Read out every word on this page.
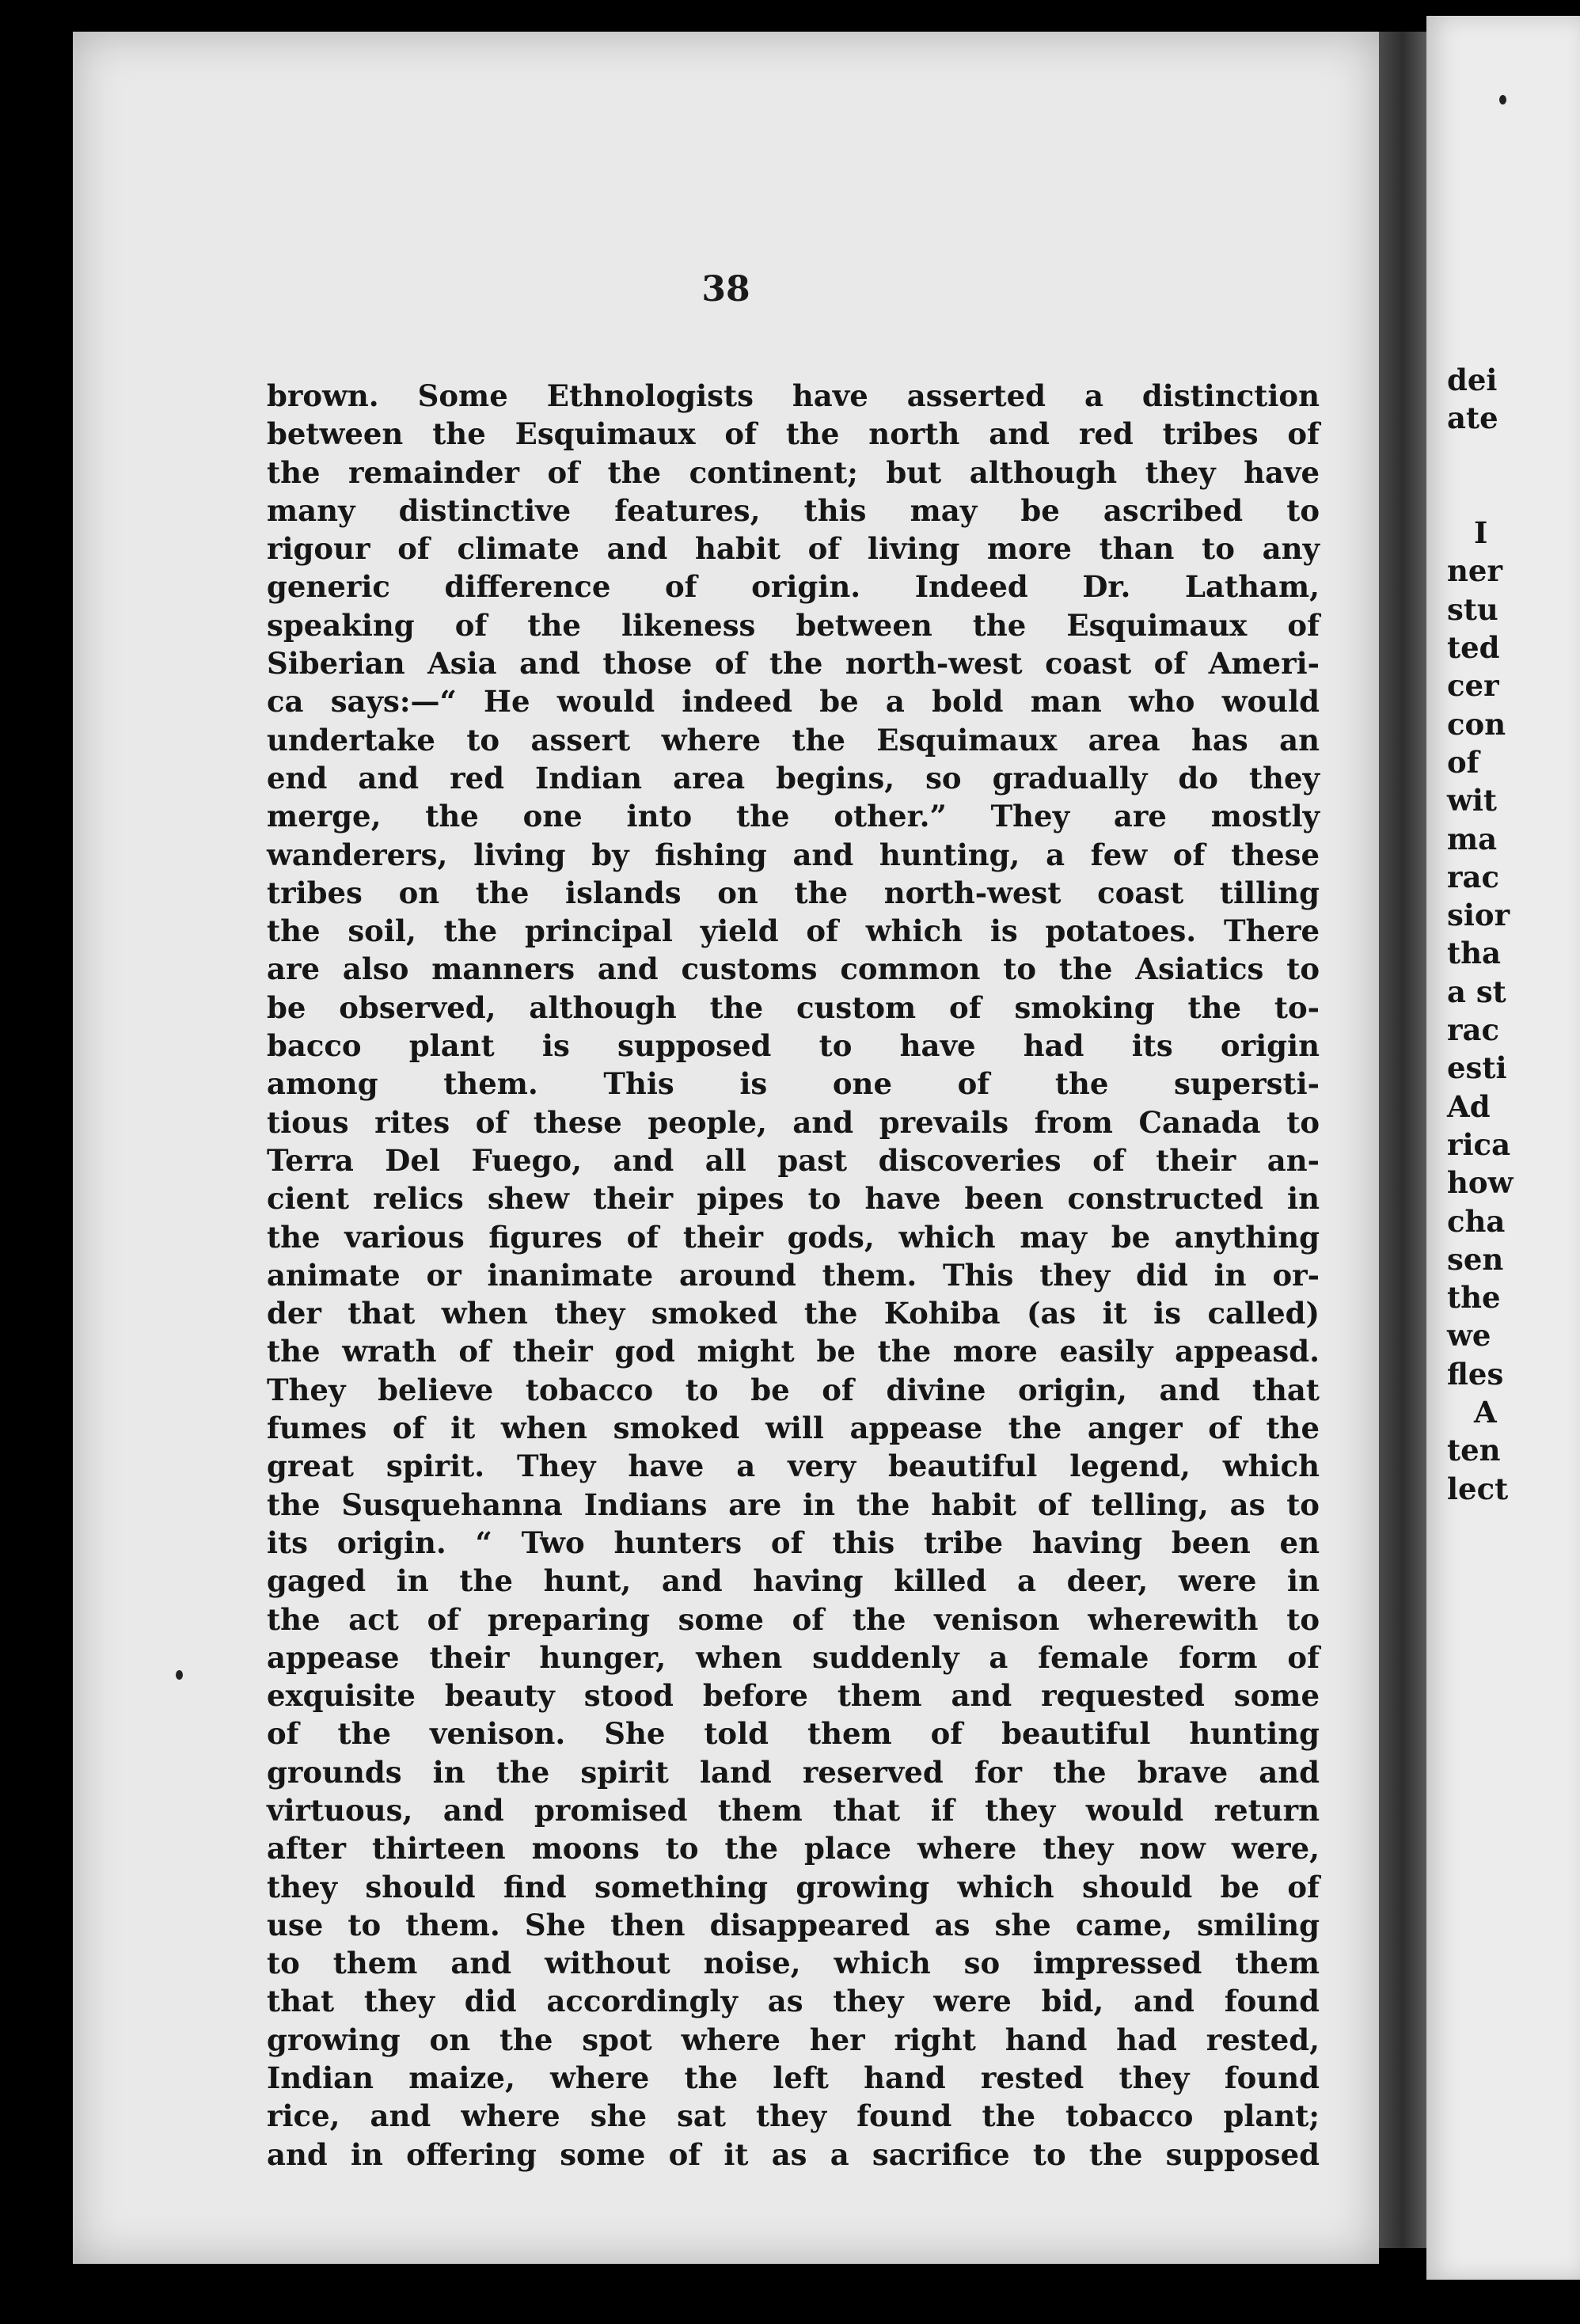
38

brown. Some Ethnologists have asserted a distinction
between the Esquimaux of the north and red tribes of
the remainder of the continent; but although they have
many distinctive features, this may be ascribed to
rigour of climate and habit of living more than to any
generic difference of origin. Indeed Dr. Latham,
speaking of the likeness between the Esquimaux of
Siberian Asia and those of the north-west coast of Ameri-
ca says:—“ He would indeed be a bold man who would
undertake to assert where the Esquimaux area has an
end and red Indian area begins, so gradually do they
merge, the one into the other.” They are mostly
wanderers, living by fishing and hunting, a few of these
tribes on the islands on the north-west coast tilling
the soil, the principal yield of which is potatoes. There
are also manners and customs common to the Asiatics to
be observed, although the custom of smoking the to-
bacco plant is supposed to have had its origin
among them. This is one of the supersti-
tious rites of these people, and prevails from Canada to
Terra Del Fuego, and all past discoveries of their an-
cient relics shew their pipes to have been constructed in
the various figures of their gods, which may be anything
animate or inanimate around them. This they did in or-
der that when they smoked the Kohiba (as it is called)
the wrath of their god might be the more easily appeasd.
They believe tobacco to be of divine origin, and that
fumes of it when smoked will appease the anger of the
great spirit. They have a very beautiful legend, which
the Susquehanna Indians are in the habit of telling, as to
its origin. “ Two hunters of this tribe having been en
gaged in the hunt, and having killed a deer, were in
the act of preparing some of the venison wherewith to
appease their hunger, when suddenly a female form of
exquisite beauty stood before them and requested some
of the venison. She told them of beautiful hunting
grounds in the spirit land reserved for the brave and
virtuous, and promised them that if they would return
after thirteen moons to the place where they now were,
they should find something growing which should be of
use to them. She then disappeared as she came, smiling
to them and without noise, which so impressed them
that they did accordingly as they were bid, and found
growing on the spot where her right hand had rested,
Indian maize, where the left hand rested they found
rice, and where she sat they found the tobacco plant;
and in offering some of it as a sacrifice to the supposed
dei
ate
I
ner
stu
ted
cer
con
of
wit
ma
rac
sior
tha
a st
rac
esti
Ad
rica
how
cha
sen
the
we
fles
A
ten
lect
